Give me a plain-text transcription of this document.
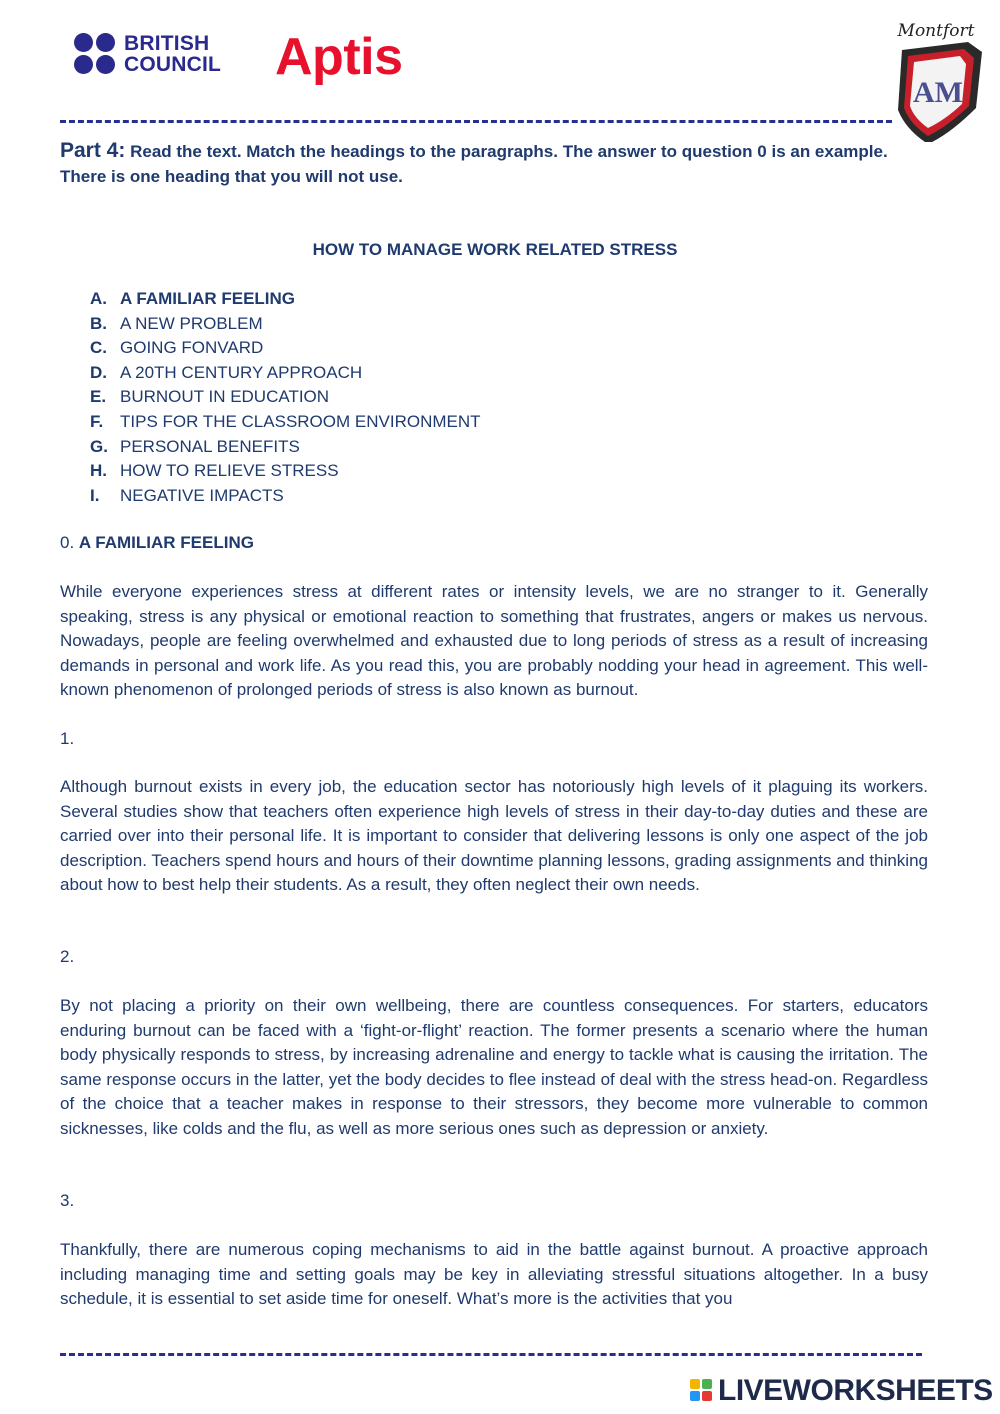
BRITISH
COUNCIL Aptis
AM
Montfort
Part 4: Read the text. Match the headings to the paragraphs. The answer to question 0 is an example. There is one heading that you will not use.
HOW TO MANAGE WORK RELATED STRESS
A. A FAMILIAR FEELING
B. A NEW PROBLEM
C. GOING FONVARD
D. A 20TH CENTURY APPROACH
E. BURNOUT IN EDUCATION
F. TIPS FOR THE CLASSROOM ENVIRONMENT
G. PERSONAL BENEFITS
H. HOW TO RELIEVE STRESS
I. NEGATIVE IMPACTS
0. A FAMILIAR FEELING

While everyone experiences stress at different rates or intensity levels, we are no stranger to it. Generally speaking, stress is any physical or emotional reaction to something that frustrates, angers or makes us nervous. Nowadays, people are feeling overwhelmed and exhausted due to long periods of stress as a result of increasing demands in personal and work life. As you read this, you are probably nodding your head in agreement. This well-known phenomenon of prolonged periods of stress is also known as burnout.

1.

Although burnout exists in every job, the education sector has notoriously high levels of it plaguing its workers. Several studies show that teachers often experience high levels of stress in their day-to-day duties and these are carried over into their personal life. It is important to consider that delivering lessons is only one aspect of the job description. Teachers spend hours and hours of their downtime planning lessons, grading assignments and thinking about how to best help their students. As a result, they often neglect their own needs.

2.

By not placing a priority on their own wellbeing, there are countless consequences. For starters, educators enduring burnout can be faced with a ‘fight-or-flight’ reaction. The former presents a scenario where the human body physically responds to stress, by increasing adrenaline and energy to tackle what is causing the irritation. The same response occurs in the latter, yet the body decides to flee instead of deal with the stress head-on. Regardless of the choice that a teacher makes in response to their stressors, they become more vulnerable to common sicknesses, like colds and the flu, as well as more serious ones such as depression or anxiety.

3.

Thankfully, there are numerous coping mechanisms to aid in the battle against burnout. A proactive approach including managing time and setting goals may be key in alleviating stressful situations altogether. In a busy schedule, it is essential to set aside time for oneself. What’s more is the activities that you

LIVEWORKSHEETS
